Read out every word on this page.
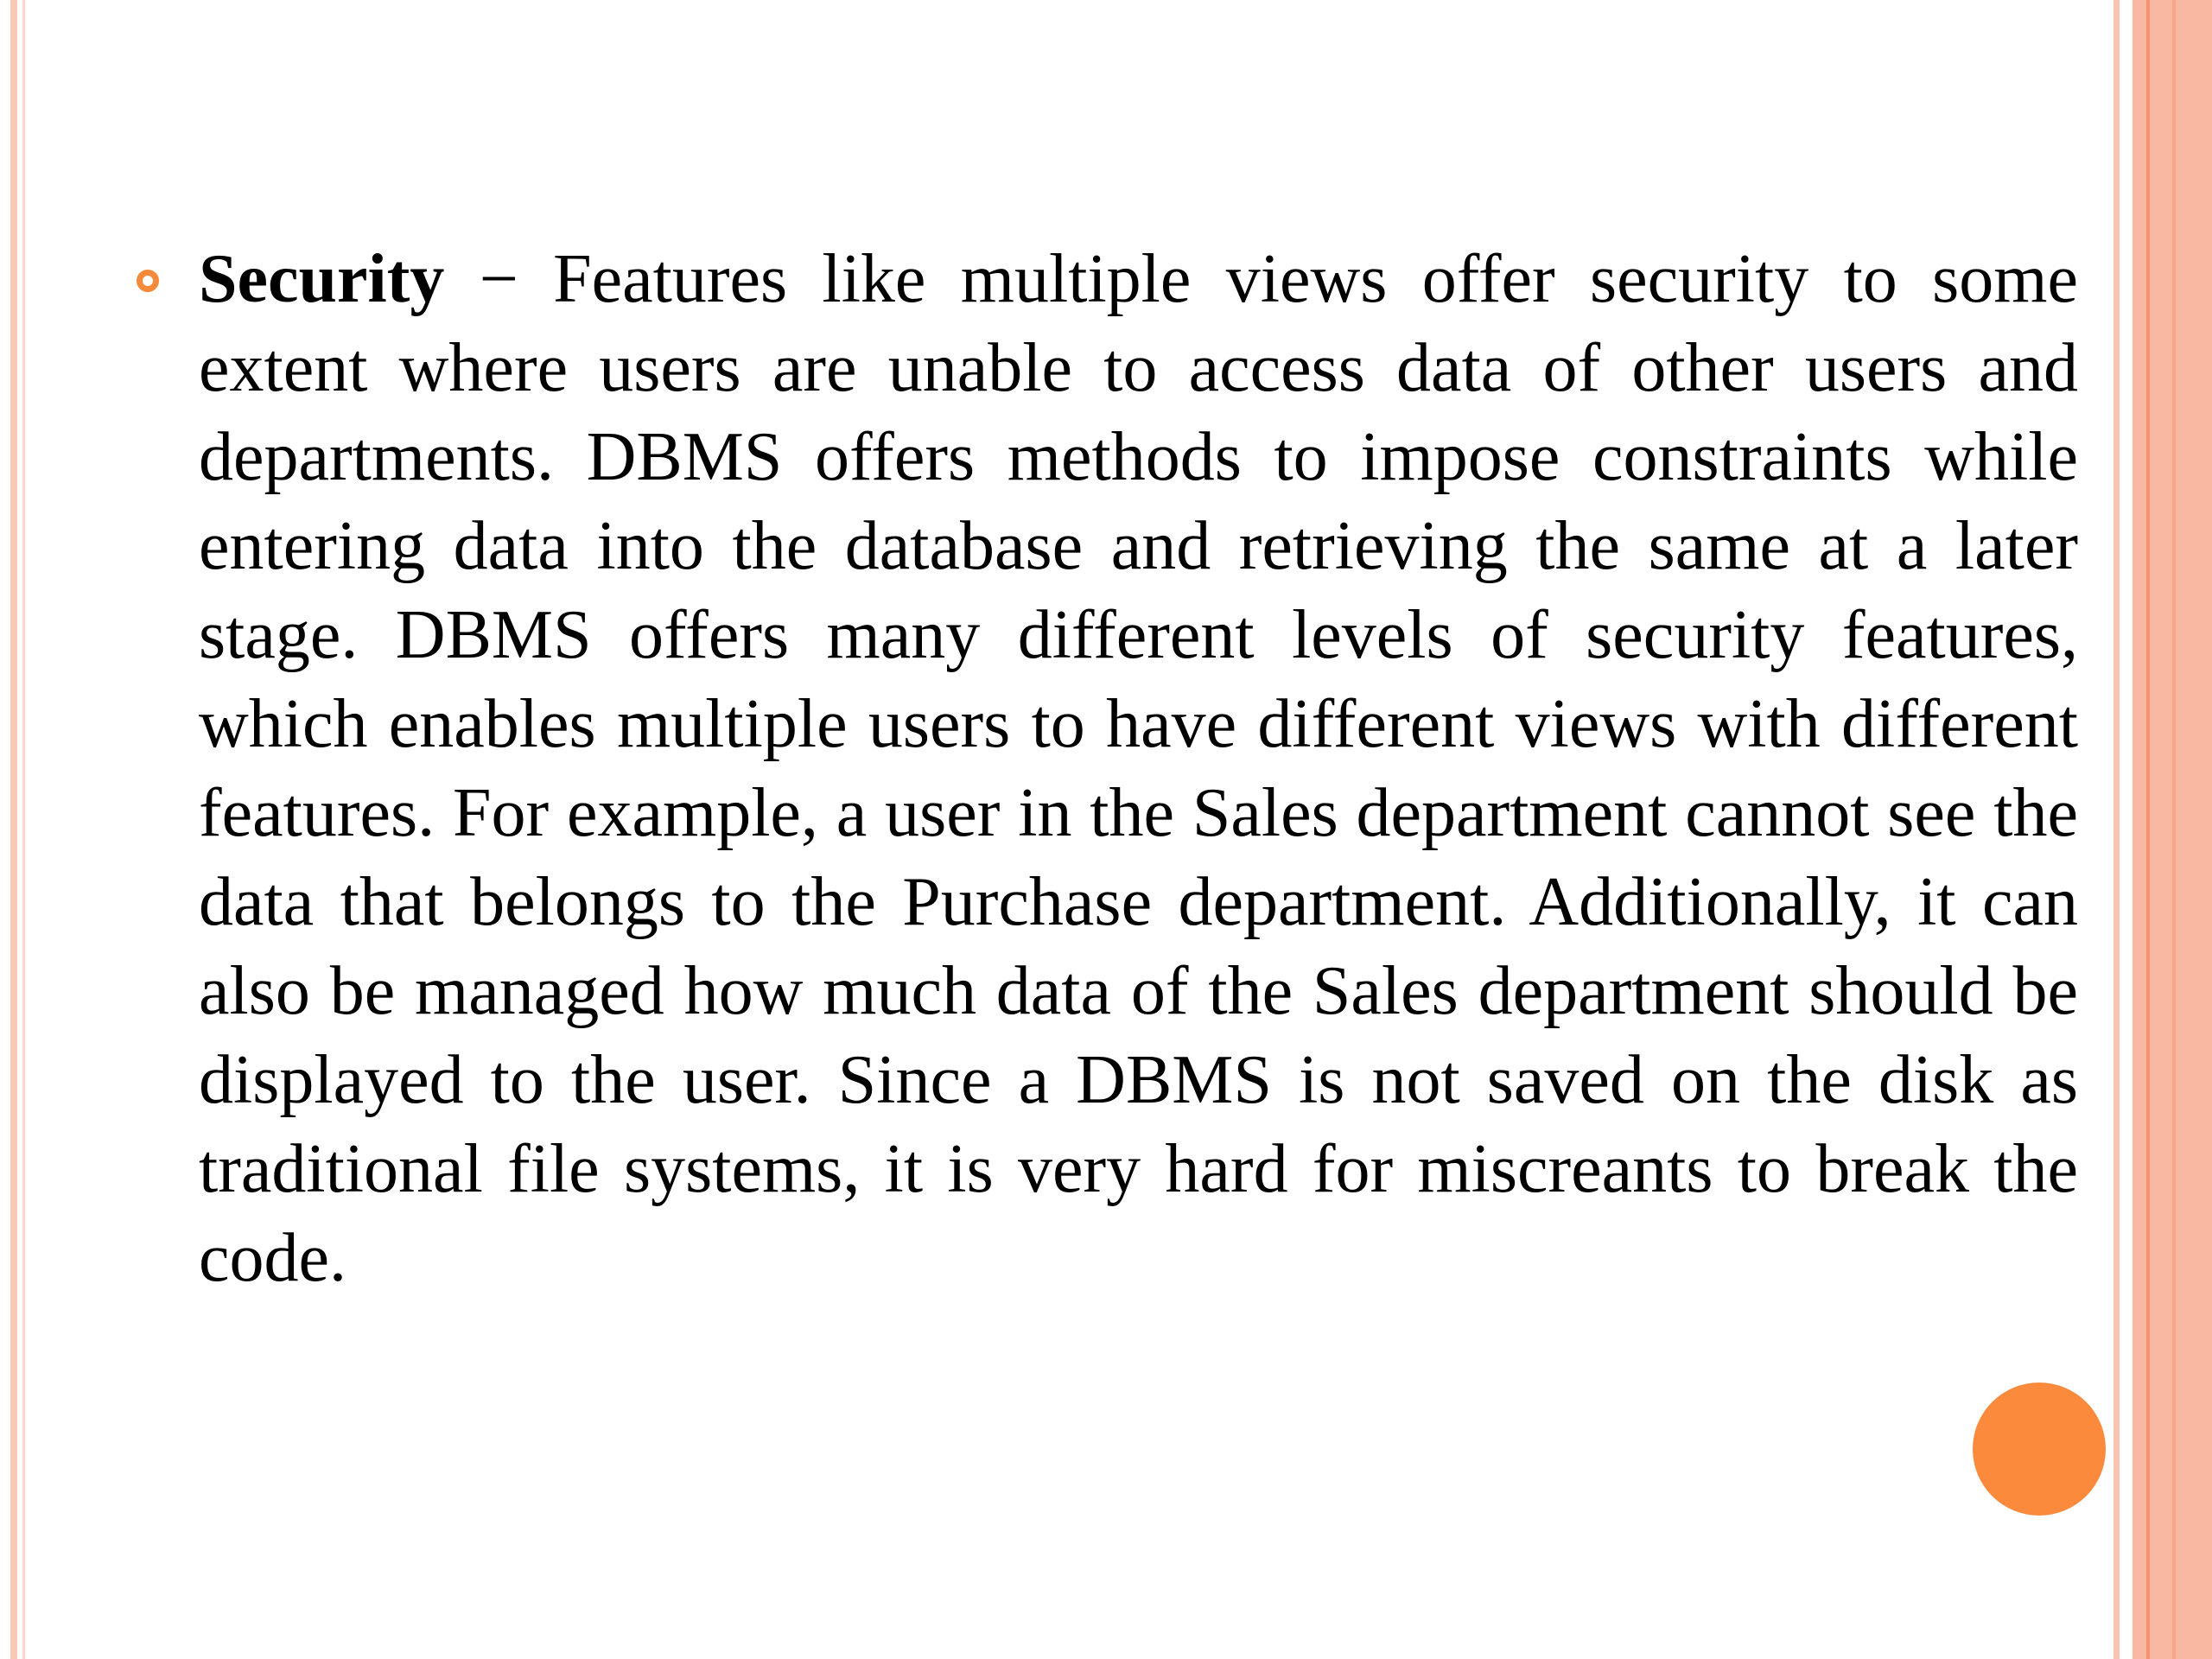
Security − Features like multiple views offer security to some extent where users are unable to access data of other users and departments. DBMS offers methods to impose constraints while entering data into the database and retrieving the same at a later stage. DBMS offers many different levels of security features, which enables multiple users to have different views with different features. For example, a user in the Sales department cannot see the data that belongs to the Purchase department. Additionally, it can also be managed how much data of the Sales department should be displayed to the user. Since a DBMS is not saved on the disk as traditional file systems, it is very hard for miscreants to break the code.
